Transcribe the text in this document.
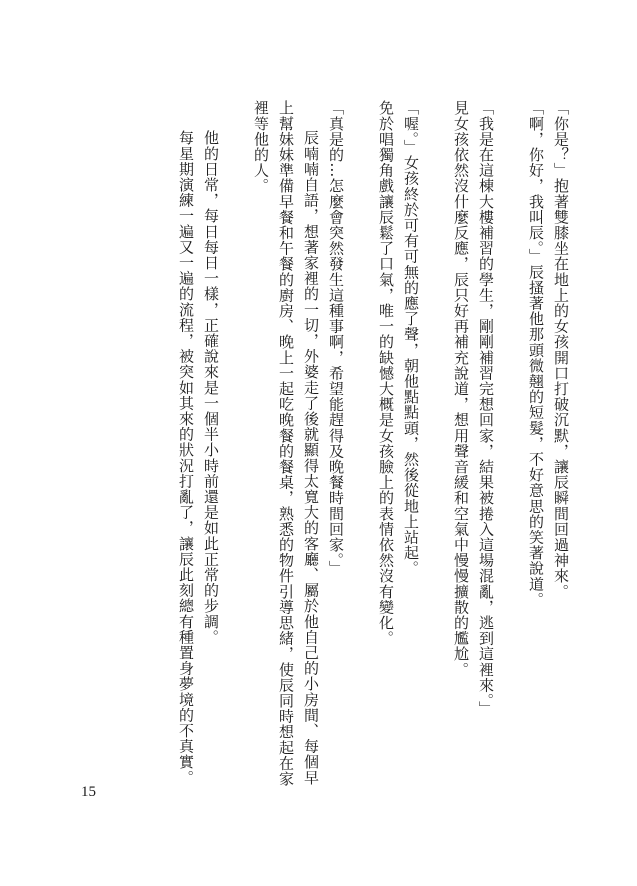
「你是？」抱著雙膝坐在地上的女孩開口打破沉默，讓辰瞬間回過神來。

「啊，你好，我叫辰。」辰搔著他那頭微翹的短髮，不好意思的笑著說道。

「我是在這棟大樓補習的學生，剛剛補習完想回家，結果被捲入這場混亂，逃到這裡來。」

見女孩依然沒什麼反應，辰只好再補充說道，想用聲音緩和空氣中慢慢擴散的尷尬。

「喔。」女孩終於可有可無的應了聲，朝他點點頭，然後從地上站起。

免於唱獨角戲讓辰鬆了口氣，唯一的缺憾大概是女孩臉上的表情依然沒有變化。

「真是的…怎麼會突然發生這種事啊，希望能趕得及晚餐時間回家。」

辰喃喃自語，想著家裡的一切，外婆走了後就顯得太寬大的客廳、屬於他自己的小房間、每個早上幫妹妹準備早餐和午餐的廚房、晚上一起吃晚餐的餐桌，熟悉的物件引導思緒，使辰同時想起在家裡等他的人。

他的日常，每日每日一樣，正確說來是一個半小時前還是如此正常的步調。

每星期演練一遍又一遍的流程，被突如其來的狀況打亂了，讓辰此刻總有種置身夢境的不真實。

15
